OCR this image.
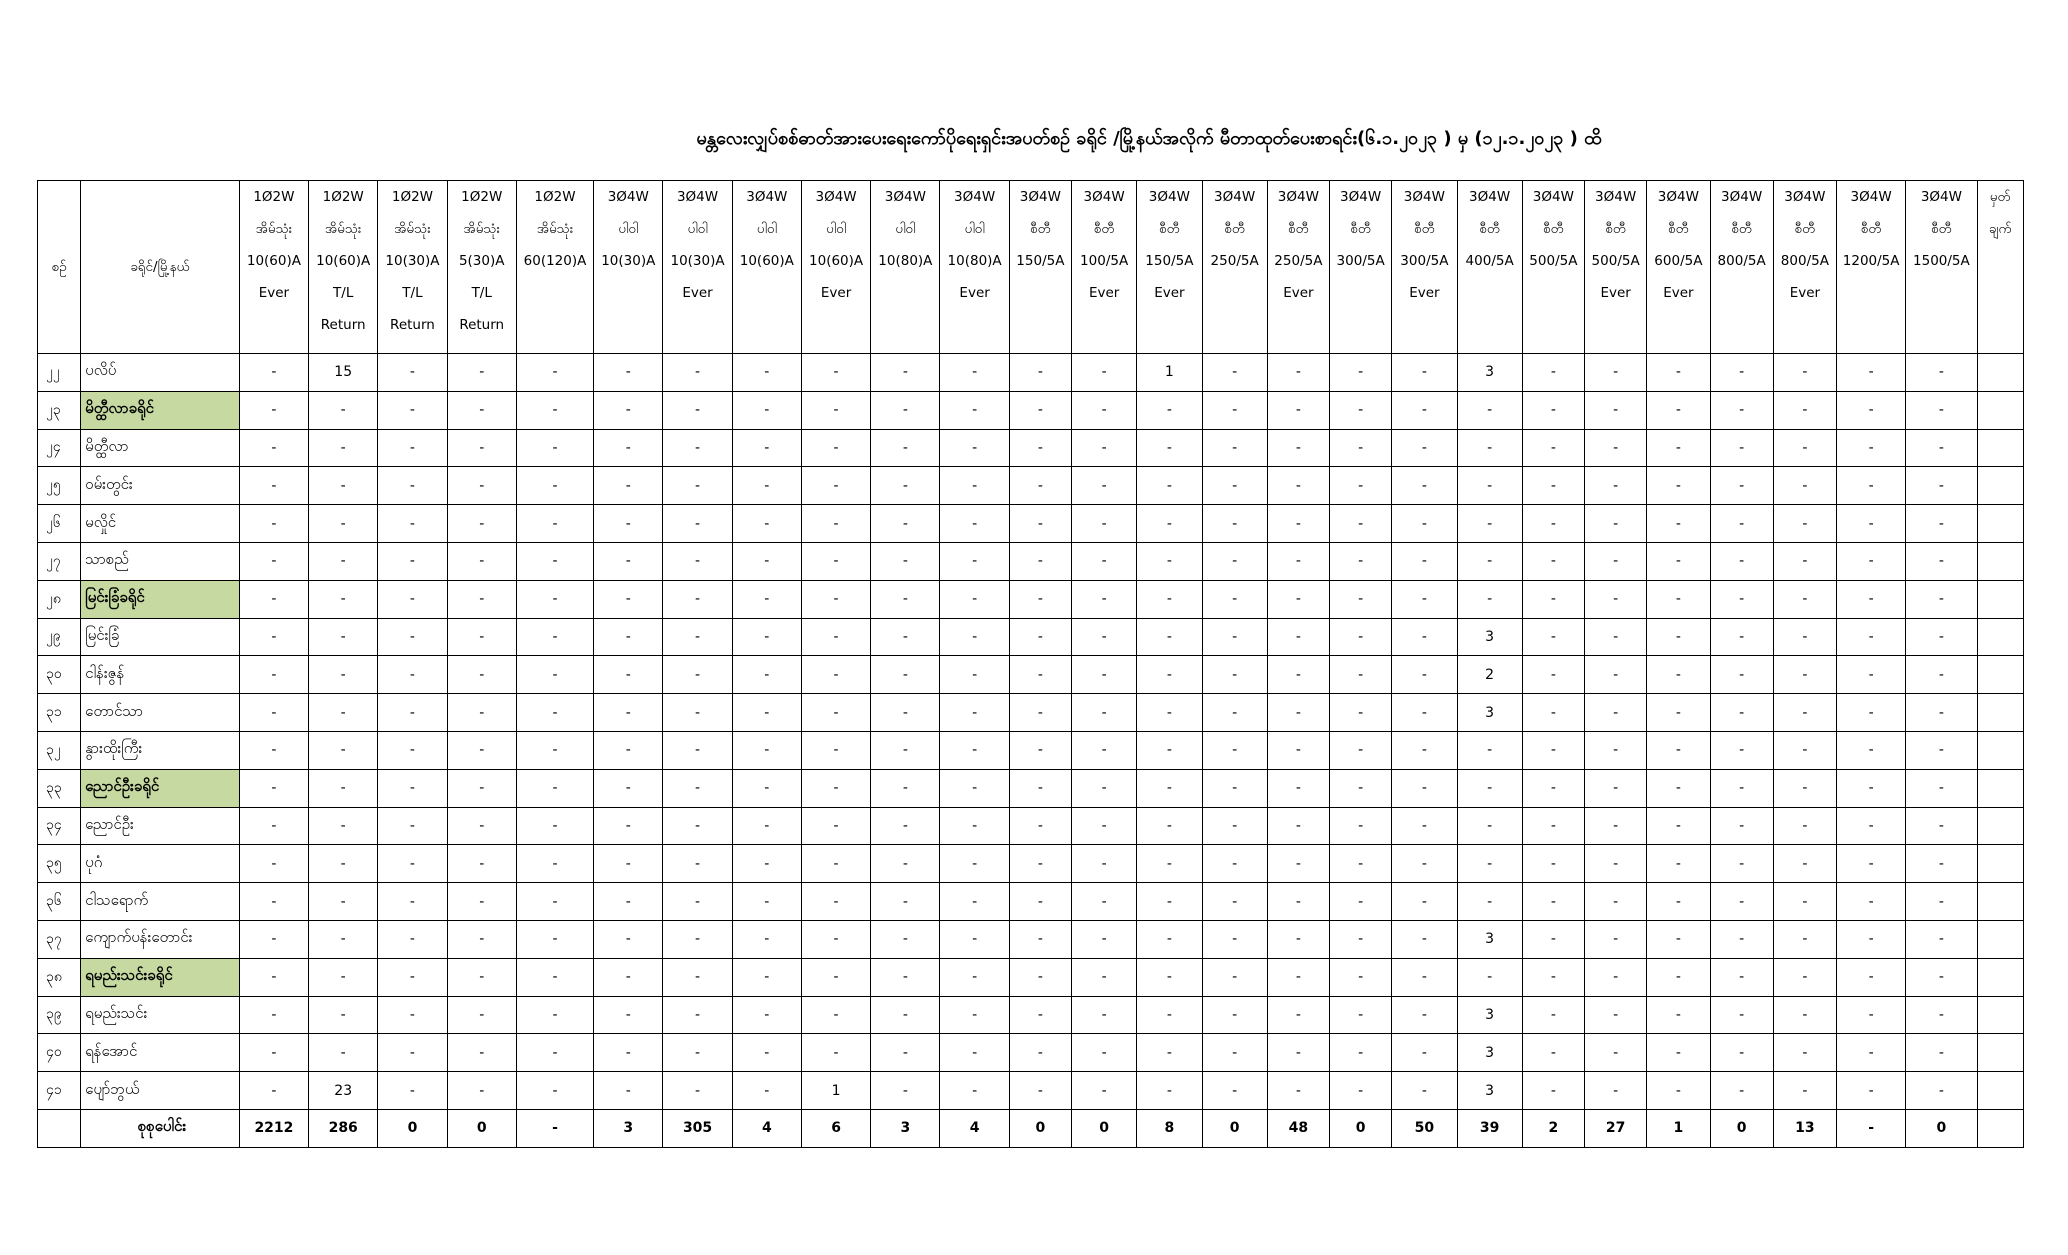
မန္တလေးလျှပ်စစ်ဓာတ်အားပေးရေးကော်ပိုရေးရှင်းအပတ်စဉ် ခရိုင် /မြို့နယ်အလိုက် မီတာထုတ်ပေးစာရင်း(၆.၁.၂၀၂၃ ) မှ (၁၂.၁.၂၀၂၃ ) ထိ
စဉ်	ခရိုင်/မြို့နယ်	1Ø2W
အိမ်သုံး
10(60)A
Ever	1Ø2W
အိမ်သုံး
10(60)A
T/L
Return	1Ø2W
အိမ်သုံး
10(30)A
T/L
Return	1Ø2W
အိမ်သုံး
5(30)A
T/L
Return	1Ø2W
အိမ်သုံး
60(120)A	3Ø4W
ပါဝါ
10(30)A	3Ø4W
ပါဝါ
10(30)A
Ever	3Ø4W
ပါဝါ
10(60)A	3Ø4W
ပါဝါ
10(60)A
Ever	3Ø4W
ပါဝါ
10(80)A	3Ø4W
ပါဝါ
10(80)A
Ever	3Ø4W
စီတီ
150/5A	3Ø4W
စီတီ
100/5A
Ever	3Ø4W
စီတီ
150/5A
Ever	3Ø4W
စီတီ
250/5A	3Ø4W
စီတီ
250/5A
Ever	3Ø4W
စီတီ
300/5A	3Ø4W
စီတီ
300/5A
Ever	3Ø4W
စီတီ
400/5A	3Ø4W
စီတီ
500/5A	3Ø4W
စီတီ
500/5A
Ever	3Ø4W
စီတီ
600/5A
Ever	3Ø4W
စီတီ
800/5A	3Ø4W
စီတီ
800/5A
Ever	3Ø4W
စီတီ
1200/5A	3Ø4W
စီတီ
1500/5A	မှတ်
ချက်

၂၂	ပလိပ်	-	15	-	-	-	-	-	-	-	-	-	-	-	1	-	-	-	-	3	-	-	-	-	-	-	-	
၂၃	မိတ္ထီလာခရိုင်	-	-	-	-	-	-	-	-	-	-	-	-	-	-	-	-	-	-	-	-	-	-	-	-	-	-	
၂၄	မိတ္ထီလာ	-	-	-	-	-	-	-	-	-	-	-	-	-	-	-	-	-	-	-	-	-	-	-	-	-	-	
၂၅	ဝမ်းတွင်း	-	-	-	-	-	-	-	-	-	-	-	-	-	-	-	-	-	-	-	-	-	-	-	-	-	-	
၂၆	မလှိုင်	-	-	-	-	-	-	-	-	-	-	-	-	-	-	-	-	-	-	-	-	-	-	-	-	-	-	
၂၇	သာစည်	-	-	-	-	-	-	-	-	-	-	-	-	-	-	-	-	-	-	-	-	-	-	-	-	-	-	
၂၈	မြင်းခြံခရိုင်	-	-	-	-	-	-	-	-	-	-	-	-	-	-	-	-	-	-	-	-	-	-	-	-	-	-	
၂၉	မြင်းခြံ	-	-	-	-	-	-	-	-	-	-	-	-	-	-	-	-	-	-	3	-	-	-	-	-	-	-	
၃၀	ငါန်းဇွန်	-	-	-	-	-	-	-	-	-	-	-	-	-	-	-	-	-	-	2	-	-	-	-	-	-	-	
၃၁	တောင်သာ	-	-	-	-	-	-	-	-	-	-	-	-	-	-	-	-	-	-	3	-	-	-	-	-	-	-	
၃၂	နွားထိုးကြီး	-	-	-	-	-	-	-	-	-	-	-	-	-	-	-	-	-	-	-	-	-	-	-	-	-	-	
၃၃	ညောင်ဦးခရိုင်	-	-	-	-	-	-	-	-	-	-	-	-	-	-	-	-	-	-	-	-	-	-	-	-	-	-	
၃၄	ညောင်ဦး	-	-	-	-	-	-	-	-	-	-	-	-	-	-	-	-	-	-	-	-	-	-	-	-	-	-	
၃၅	ပုဂံ	-	-	-	-	-	-	-	-	-	-	-	-	-	-	-	-	-	-	-	-	-	-	-	-	-	-	
၃၆	ငါသရောက်	-	-	-	-	-	-	-	-	-	-	-	-	-	-	-	-	-	-	-	-	-	-	-	-	-	-	
၃၇	ကျောက်ပန်းတောင်း	-	-	-	-	-	-	-	-	-	-	-	-	-	-	-	-	-	-	3	-	-	-	-	-	-	-	
၃၈	ရမည်းသင်းခရိုင်	-	-	-	-	-	-	-	-	-	-	-	-	-	-	-	-	-	-	-	-	-	-	-	-	-	-	
၃၉	ရမည်းသင်း	-	-	-	-	-	-	-	-	-	-	-	-	-	-	-	-	-	-	3	-	-	-	-	-	-	-	
၄၀	ရန်အောင်	-	-	-	-	-	-	-	-	-	-	-	-	-	-	-	-	-	-	3	-	-	-	-	-	-	-	
၄၁	ပျော်ဘွယ်	-	23	-	-	-	-	-	-	1	-	-	-	-	-	-	-	-	-	3	-	-	-	-	-	-	-	
	စုစုပေါင်း	2212	286	0	0	-	3	305	4	6	3	4	0	0	8	0	48	0	50	39	2	27	1	0	13	-	0	
